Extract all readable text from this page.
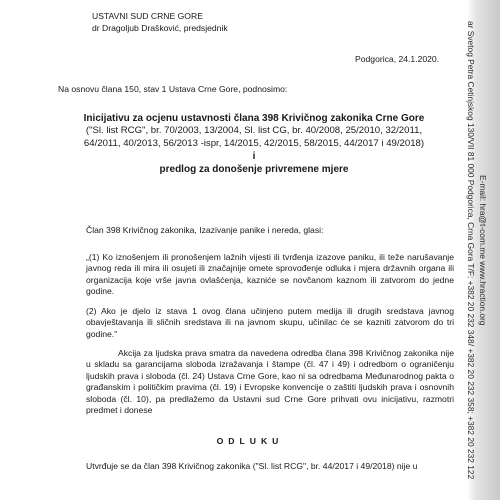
USTAVNI SUD CRNE GORE
dr Dragoljub Drašković, predsjednik
Podgorica, 24.1.2020.
Na osnovu člana 150, stav 1 Ustava Crne Gore, podnosimo:
Inicijativu za ocjenu ustavnosti člana 398 Krivičnog zakonika Crne Gore
("Sl. list RCG", br. 70/2003, 13/2004, Sl. list CG, br. 40/2008, 25/2010, 32/2011,
64/2011, 40/2013, 56/2013 -ispr, 14/2015, 42/2015, 58/2015, 44/2017 i 49/2018)
i
predlog za donošenje privremene mjere
Član 398 Krivičnog zakonika, Izazivanje panike i nereda, glasi:
„(1) Ko iznošenjem ili pronošenjem lažnih vijesti ili tvrđenja izazove paniku, ili teže narušavanje javnog reda ili mira ili osujeti ili značajnije omete sprovođenje odluka i mjera državnih organa ili organizacija koje vrše javna ovlašćenja, kazniće se novčanom kaznom ili zatvorom do jedne godine.
(2) Ako je djelo iz stava 1 ovog člana učinjeno putem medija ili drugih sredstava javnog obavještavanja ili sličnih sredstava ili na javnom skupu, učinilac će se kazniti zatvorom do tri godine."
Akcija za ljudska prava smatra da navedena odredba člana 398 Krivičnog zakonika nije u skladu sa garancijama sloboda izražavanja i štampe (čl. 47 i 49) i odredbom o ograničenju ljudskih prava i sloboda (čl. 24) Ustava Crne Gore, kao ni sa odredbama Međunarodnog pakta o građanskim i političkim pravima (čl. 19) i Evropske konvencije o zaštiti ljudskih prava i osnovnih sloboda (čl. 10), pa predlažemo da Ustavni sud Crne Gore prihvati ovu inicijativu, razmotri predmet i donese
ODLUKU
Utvrđuje se da član 398 Krivičnog zakonika ("Sl. list RCG", br. 44/2017 i 49/2018) nije u	ar Svetog Petra Cetinjskog 130/VII 81 000 Podgorica, Crna Gora T/F: +382 20 232 348/ +382 20 232 358; +382 20 232 122 E-mail: hra@t-com.me www.hraction.org
